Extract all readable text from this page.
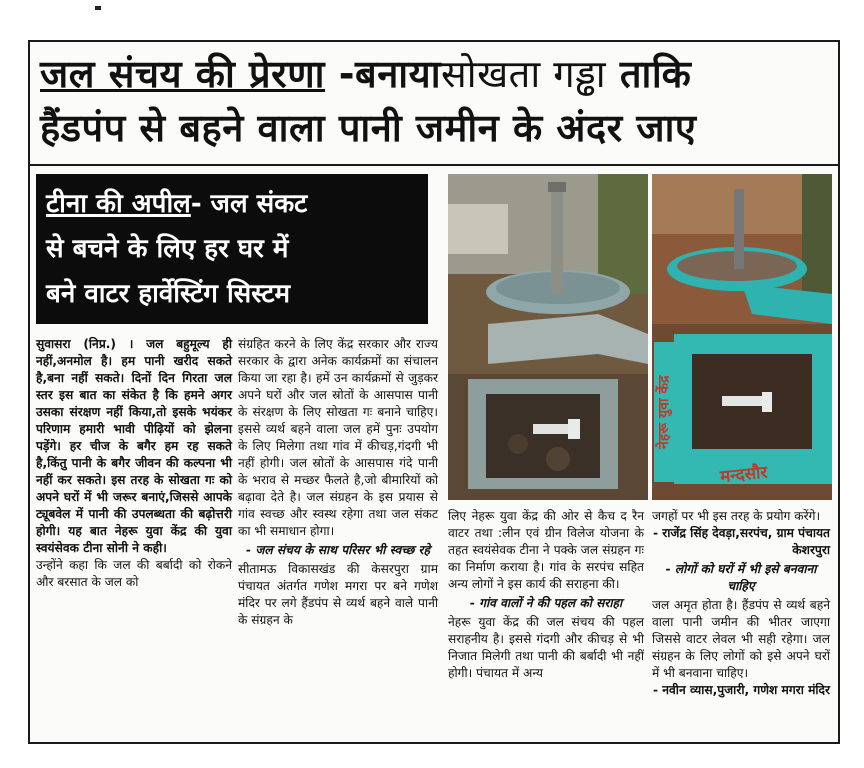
जल संचय की प्रेरणा -बनायासोखता गड्ढा ताकि
हैंडपंप से बहने वाला पानी जमीन के अंदर जाए
टीना की अपील- जल संकट
से बचने के लिए हर घर में
बने वाटर हार्वेस्टिंग सिस्टम
नेहरू युवा केंद्र
मन्दसौर

सुवासरा (निप्र.) । जल बहुमूल्य ही नहीं,अनमोल है। हम पानी खरीद सकते है,बना नहीं सकते। दिनों दिन गिरता जल स्तर इस बात का संकेत है कि हमने अगर उसका संरक्षण नहीं किया,तो इसके भयंकर परिणाम हमारी भावी पीढ़ियों को झेलना पड़ेंगे। हर चीज के बगैर हम रह सकते है,किंतु पानी के बगैर जीवन की कल्पना भी नहीं कर सकते। इस तरह के सोखता गः को अपने घरों में भी जरूर बनाएं,जिससे आपके ट्यूबवेल में पानी की उपलब्धता की बढ़ोत्तरी होगी। यह बात नेहरू युवा केंद्र की युवा स्वयंसेवक टीना सोनी ने कही।

उन्होंने कहा कि जल की बर्बादी को रोकने और बरसात के जल को

संग्रहित करने के लिए केंद्र सरकार और राज्य सरकार के द्वारा अनेक कार्यक्रमों का संचालन किया जा रहा है। हमें उन कार्यक्रमों से जुड़कर अपने घरों और जल स्रोतों के आसपास पानी के संरक्षण के लिए सोखता गः बनाने चाहिए। इससे व्यर्थ बहने वाला जल हमें पुनः उपयोग के लिए मिलेगा तथा गांव में कीचड़,गंदगी भी नहीं होगी। जल स्रोतों के आसपास गंदे पानी के भराव से मच्छर फैलते है,जो बीमारियों को बढ़ावा देते है। जल संग्रहन के इस प्रयास से गांव स्वच्छ और स्वस्थ रहेगा तथा जल संकट का भी समाधान होगा।

- जल संचय के साथ परिसर भी स्वच्छ रहे

सीतामऊ विकासखंड की केसरपुरा ग्राम पंचायत अंतर्गत गणेश मगरा पर बने गणेश मंदिर पर लगे हैंडपंप से व्यर्थ बहने वाले पानी के संग्रहन के

लिए नेहरू युवा केंद्र की ओर से कैच द रैन वाटर तथा :लीन एवं ग्रीन विलेज योजना के तहत स्वयंसेवक टीना ने पक्के जल संग्रहन गः का निर्माण कराया है। गांव के सरपंच सहित अन्य लोगों ने इस कार्य की सराहना की।

- गांव वालों ने की पहल को सराहा

नेहरू युवा केंद्र की जल संचय की पहल सराहनीय है। इससे गंदगी और कीचड़ से भी निजात मिलेगी तथा पानी की बर्बादी भी नहीं होगी। पंचायत में अन्य

जगहों पर भी इस तरह के प्रयोग करेंगे।

- राजेंद्र सिंह देवड़ा,सरपंच, ग्राम पंचायत केशरपुरा

- लोगों को घरों में भी इसे बनवाना चाहिए

जल अमृत होता है। हैंडपंप से व्यर्थ बहने वाला पानी जमीन की भीतर जाएगा जिससे वाटर लेवल भी सही रहेगा। जल संग्रहन के लिए लोगों को इसे अपने घरों में भी बनवाना चाहिए।

- नवीन व्यास,पुजारी, गणेश मगरा मंदिर
